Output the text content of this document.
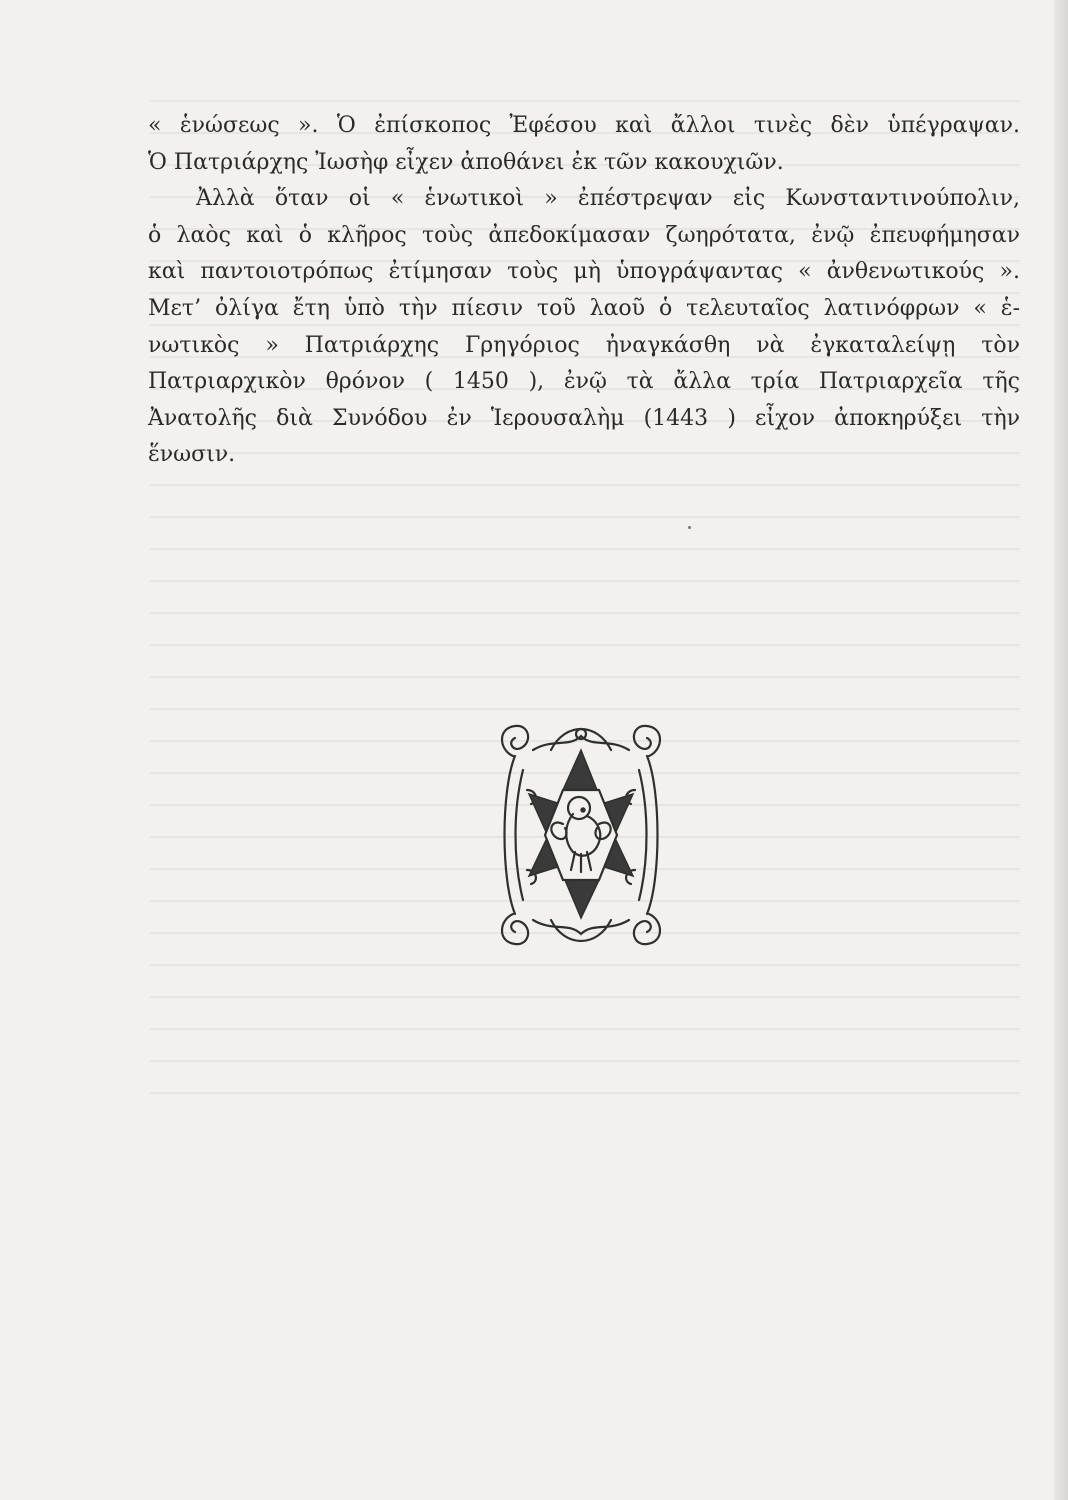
« ἑνώσεως ». Ὁ ἐπίσκοπος Ἐφέσου καὶ ἄλλοι τινὲς δὲν ὑπέγραψαν.
Ὁ Πατριάρχης Ἰωσὴφ εἶχεν ἀποθάνει ἐκ τῶν κακουχιῶν.
Ἀλλὰ ὅταν οἱ « ἑνωτικοὶ » ἐπέστρεψαν εἰς Κωνσταντινούπολιν,
ὁ λαὸς καὶ ὁ κλῆρος τοὺς ἀπεδοκίμασαν ζωηρότατα, ἐνῷ ἐπευφήμησαν
καὶ παντοιοτρόπως ἐτίμησαν τοὺς μὴ ὑπογράψαντας « ἀνθενωτικούς ».
Μετ’ ὀλίγα ἔτη ὑπὸ τὴν πίεσιν τοῦ λαοῦ ὁ τελευταῖος λατινόφρων « ἑ-
νωτικὸς » Πατριάρχης Γρηγόριος ἠναγκάσθη νὰ ἐγκαταλείψῃ τὸν
Πατριαρχικὸν θρόνον ( 1450 ), ἐνῷ τὰ ἄλλα τρία Πατριαρχεῖα τῆς
Ἀνατολῆς διὰ Συνόδου ἐν Ἱερουσαλὴμ (1443 ) εἶχον ἀποκηρύξει τὴν
ἕνωσιν.
